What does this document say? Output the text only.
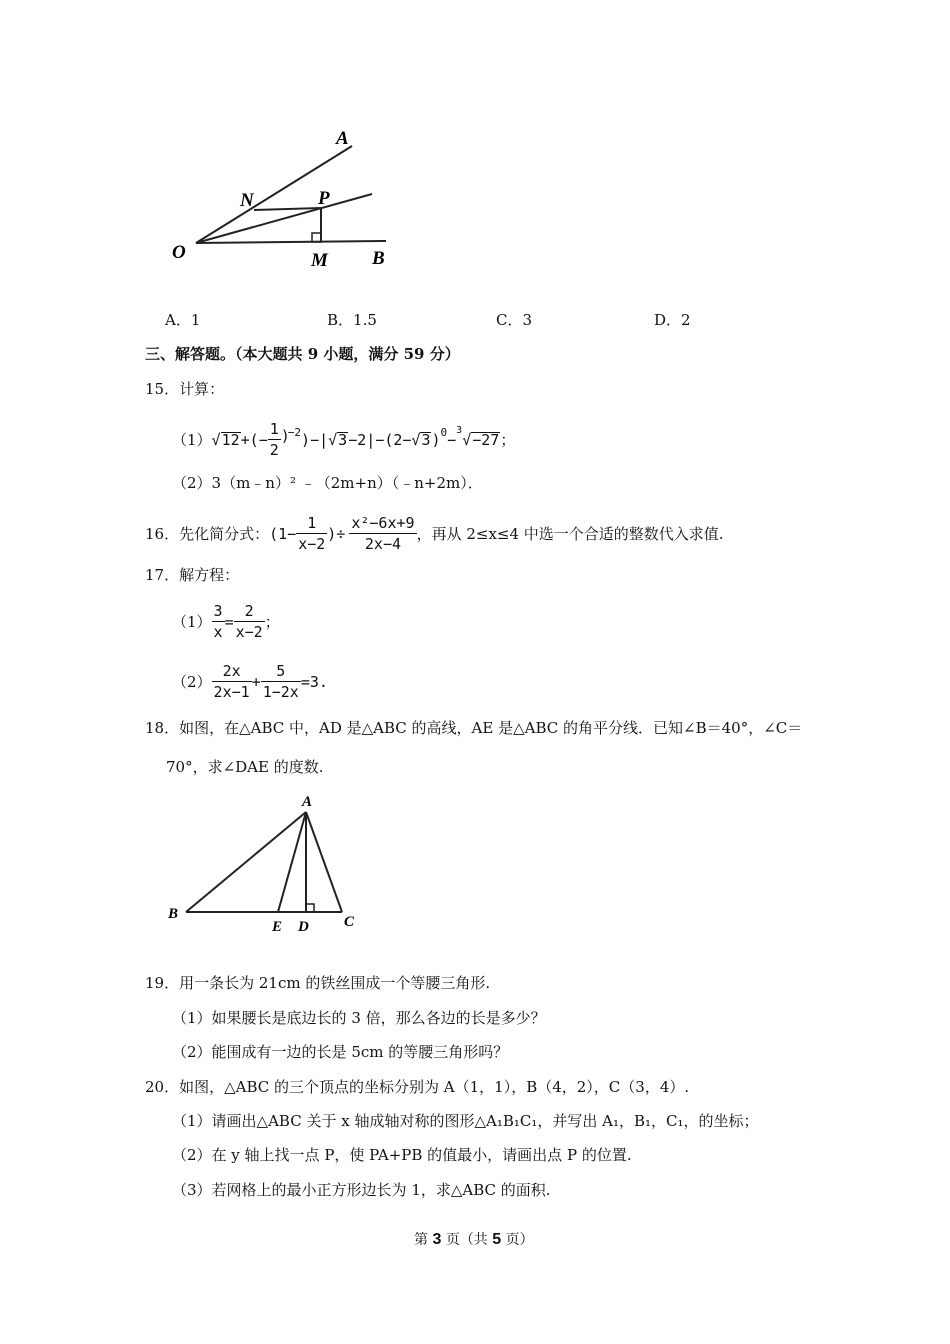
A
N	P
O	M B
A．1	B．1.5	C．3	D．2
三、解答题。（本大题共 9 小题，满分 59 分）
15．计算：
（1） √ 12 +(− $\frac{1}{2}$ )
$^{-2}$ )−| √ 3 −2|−(2− √ 3 )$^0$ −$^3$ √ −27 ；
（2）3（m﹣n）² ﹣（2m+n）（﹣n+2m）．
16．先化简分式： ($1- \frac{1}{x-2}$ )÷ $\frac{\text{x²−6x+9}}{2x-4}$ ，再从 2≤x≤4 中选一个合适的整数代入求值.
17．解方程：
$(1) \frac{3}{x} = \frac{2}{x-2}$ ；
$(2) \frac{2x}{2x-1} + \frac{5}{1-2x} =3$.
18．如图，在△ABC 中，AD 是△ABC 的高线，AE 是△ABC 的角平分线．已知∠B＝40°，∠C＝
70°，求∠DAE 的度数.
A
B
E D C
19．用一条长为 21cm 的铁丝围成一个等腰三角形.
（1）如果腰长是底边长的 3 倍，那么各边的长是多少？
（2）能围成有一边的长是 5cm 的等腰三角形吗？
20．如图，△ABC 的三个顶点的坐标分别为 A（1，1），B（4，2），C（3，4）.
（1）请画出△ABC 关于 x 轴成轴对称的图形△A₁B₁C₁，并写出 A₁，B₁，C₁，的坐标；
（2）在 y 轴上找一点 P，使 PA+PB 的值最小，请画出点 P 的位置.
（3）若网格上的最小正方形边长为 1，求△ABC 的面积.
第 3 页（共 5 页）
